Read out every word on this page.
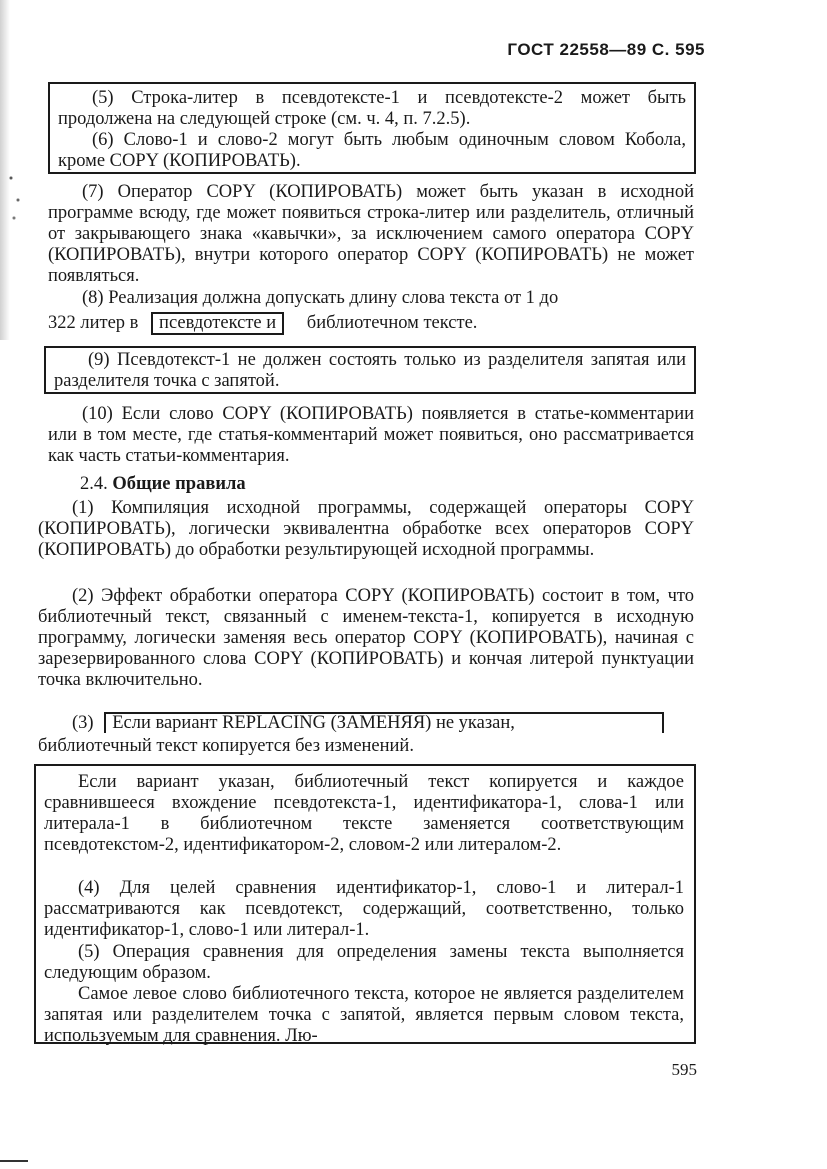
ГОСТ 22558—89 С. 595

(5) Строка-литер в псевдотексте-1 и псевдотексте-2 может быть продолжена на следующей строке (см. ч. 4, п. 7.2.5).

(6) Слово-1 и слово-2 могут быть любым одиночным словом Кобола, кроме COPY (КОПИРОВАТЬ).

(7) Оператор COPY (КОПИРОВАТЬ) может быть указан в исходной программе всюду, где может появиться строка-литер или разделитель, отличный от закрывающего знака «кавычки», за исключением самого оператора COPY (КОПИРОВАТЬ), внутри которого оператор COPY (КОПИРОВАТЬ) не может появляться.

(8) Реализация должна допускать длину слова текста от 1 до

322 литер в псевдотексте и библиотечном тексте.

(9) Псевдотекст-1 не должен состоять только из разделителя запятая или разделителя точка с запятой.

(10) Если слово COPY (КОПИРОВАТЬ) появляется в статье-комментарии или в том месте, где статья-комментарий может появиться, оно рассматривается как часть статьи-комментария.

2.4. Общие правила

(1) Компиляция исходной программы, содержащей операторы COPY (КОПИРОВАТЬ), логически эквивалентна обработке всех операторов COPY (КОПИРОВАТЬ) до обработки результирующей исходной программы.

(2) Эффект обработки оператора COPY (КОПИРОВАТЬ) состоит в том, что библиотечный текст, связанный с именем-текста-1, копируется в исходную программу, логически заменяя весь оператор COPY (КОПИРОВАТЬ), начиная с зарезервированного слова COPY (КОПИРОВАТЬ) и кончая литерой пунктуации точка включительно.

(3) Если вариант REPLACING (ЗАМЕНЯЯ) не указан,

библиотечный текст копируется без изменений.

Если вариант указан, библиотечный текст копируется и каждое сравнившееся вхождение псевдотекста-1, идентификатора-1, слова-1 или литерала-1 в библиотечном тексте заменяется соответствующим псевдотекстом-2, идентификатором-2, словом-2 или литералом-2.

(4) Для целей сравнения идентификатор-1, слово-1 и литерал-1 рассматриваются как псевдотекст, содержащий, соответственно, только идентификатор-1, слово-1 или литерал-1.

(5) Операция сравнения для определения замены текста выполняется следующим образом.

Самое левое слово библиотечного текста, которое не является разделителем запятая или разделителем точка с запятой, является первым словом текста, используемым для сравнения. Лю-

595
